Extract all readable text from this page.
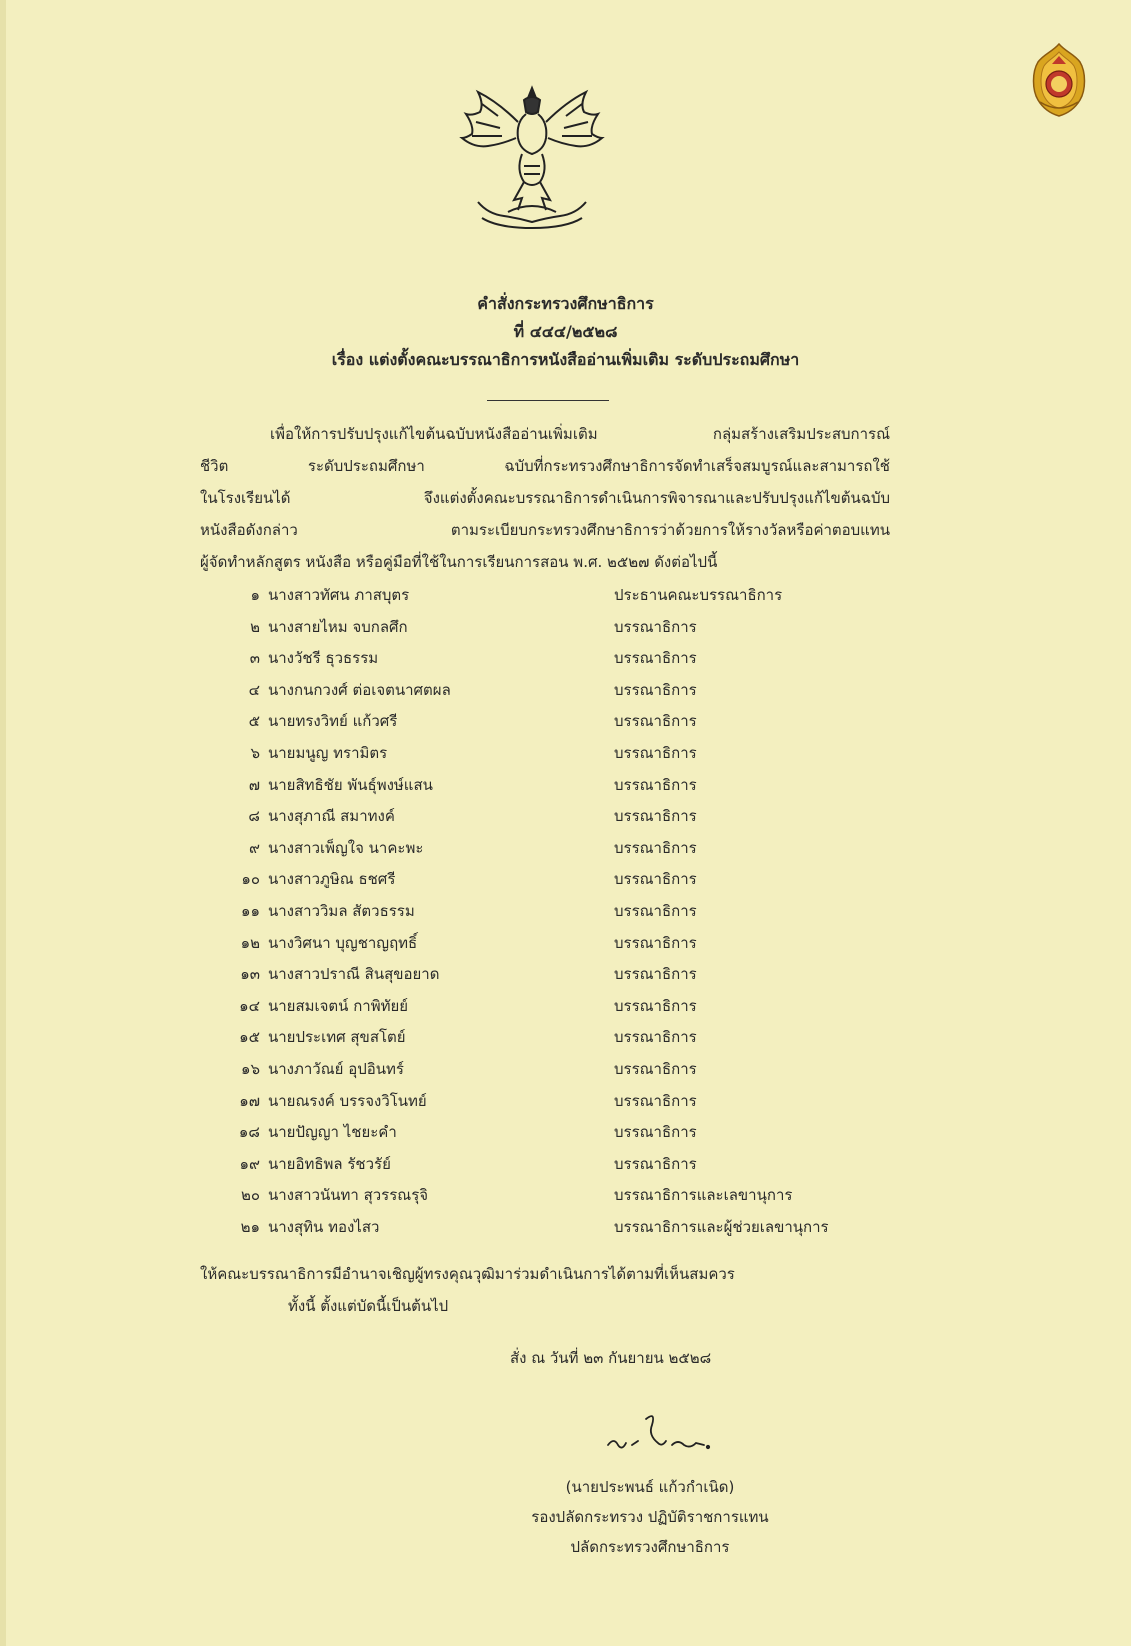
คำสั่งกระทรวงศึกษาธิการ
ที่ ๔๔๔/๒๕๒๘
เรื่อง แต่งตั้งคณะบรรณาธิการหนังสืออ่านเพิ่มเติม ระดับประถมศึกษา
เพื่อให้การปรับปรุงแก้ไขต้นฉบับหนังสืออ่านเพิ่มเติม กลุ่มสร้างเสริมประสบการณ์
ชีวิต ระดับประถมศึกษา ฉบับที่กระทรวงศึกษาธิการจัดทำเสร็จสมบูรณ์และสามารถใช้
ในโรงเรียนได้ จึงแต่งตั้งคณะบรรณาธิการดำเนินการพิจารณาและปรับปรุงแก้ไขต้นฉบับ
หนังสือดังกล่าว ตามระเบียบกระทรวงศึกษาธิการว่าด้วยการให้รางวัลหรือค่าตอบแทน
ผู้จัดทำหลักสูตร หนังสือ หรือคู่มือที่ใช้ในการเรียนการสอน พ.ศ. ๒๕๒๗ ดังต่อไปนี้
๑ นางสาวทัศน ภาสบุตร	ประธานคณะบรรณาธิการ
๒ นางสายไหม จบกลศึก	บรรณาธิการ
๓ นางวัชรี ธุวธรรม	บรรณาธิการ
๔ นางกนกวงศ์ ต่อเจตนาศตผล	บรรณาธิการ
๕ นายทรงวิทย์ แก้วศรี	บรรณาธิการ
๖ นายมนูญ ทรามิตร	บรรณาธิการ
๗ นายสิทธิชัย พันธุ์พงษ์แสน	บรรณาธิการ
๘ นางสุภาณี สมาทงค์	บรรณาธิการ
๙ นางสาวเพ็ญใจ นาคะพะ	บรรณาธิการ
๑๐ นางสาวภูษิณ ธชศรี	บรรณาธิการ
๑๑ นางสาววิมล สัตวธรรม	บรรณาธิการ
๑๒ นางวิศนา บุญชาญฤทธิ์	บรรณาธิการ
๑๓ นางสาวปราณี สินสุขอยาด	บรรณาธิการ
๑๔ นายสมเจตน์ กาพิทัยย์	บรรณาธิการ
๑๕ นายประเทศ สุขสโตย์	บรรณาธิการ
๑๖ นางภาวัณย์ อุปอินทร์	บรรณาธิการ
๑๗ นายณรงค์ บรรจงวิโนทย์	บรรณาธิการ
๑๘ นายปัญญา ไชยะคำ	บรรณาธิการ
๑๙ นายอิทธิพล รัชวรัย์	บรรณาธิการ
๒๐ นางสาวนันทา สุวรรณรุจิ	บรรณาธิการและเลขานุการ
๒๑ นางสุทิน ทองไสว	บรรณาธิการและผู้ช่วยเลขานุการ
ให้คณะบรรณาธิการมีอำนาจเชิญผู้ทรงคุณวุฒิมาร่วมดำเนินการได้ตามที่เห็นสมควร
ทั้งนี้ ตั้งแต่บัดนี้เป็นต้นไป
สั่ง ณ วันที่ ๒๓ กันยายน ๒๕๒๘
(นายประพนธ์ แก้วกำเนิด)
รองปลัดกระทรวง ปฏิบัติราชการแทน
ปลัดกระทรวงศึกษาธิการ
